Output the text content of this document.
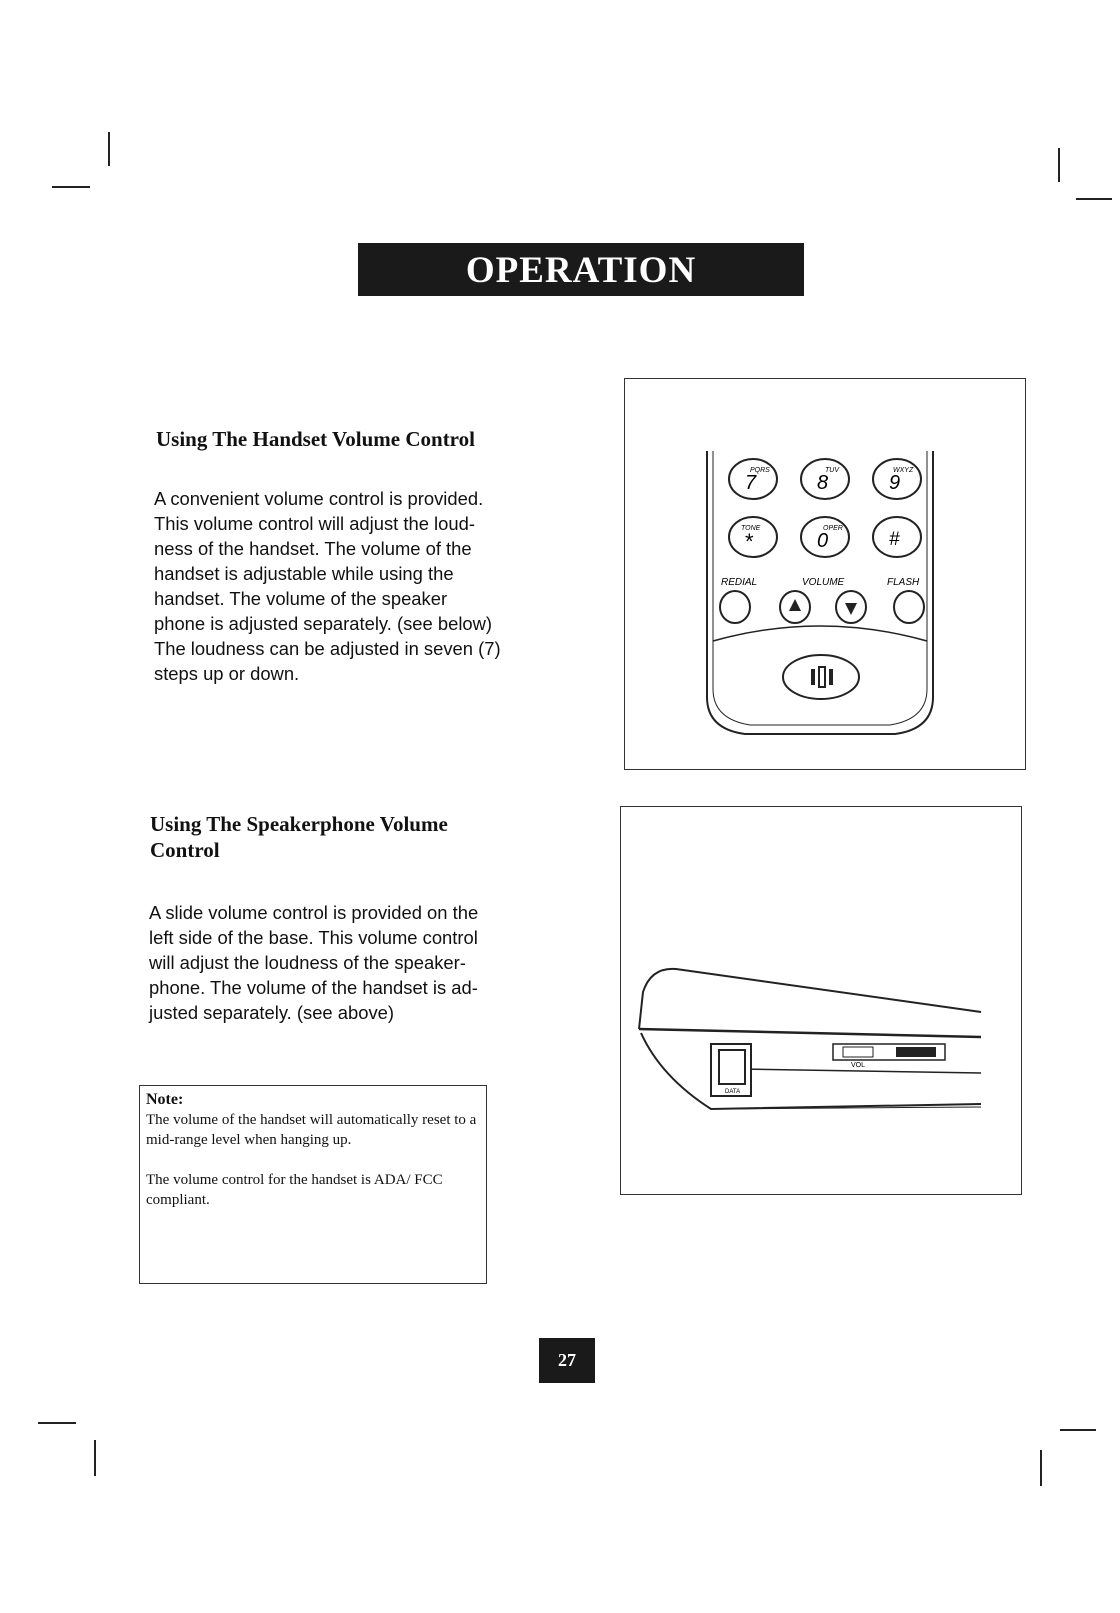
OPERATION
Using The Handset Volume Control

A convenient volume control is provided.
This volume control will adjust the loud-
ness of the handset. The volume of the
handset is adjustable while using the
handset. The volume of the speaker
phone is adjusted separately. (see below)
The loudness can be adjusted in seven (7)
steps up or down.

Using The Speakerphone Volume Control

A slide volume control is provided on the
left side of the base. This volume control
will adjust the loudness of the speaker-
phone. The volume of the handset is ad-
justed separately. (see above)

Note:

The volume of the handset will automatically reset to a mid-range level when hanging up.

The volume control for the handset is ADA/ FCC compliant.

7
PQRS
8
TUV
9
WXYZ
*
TONE
0
OPER
#
REDIAL	VOLUME	FLASH
VOL
DATA
27
